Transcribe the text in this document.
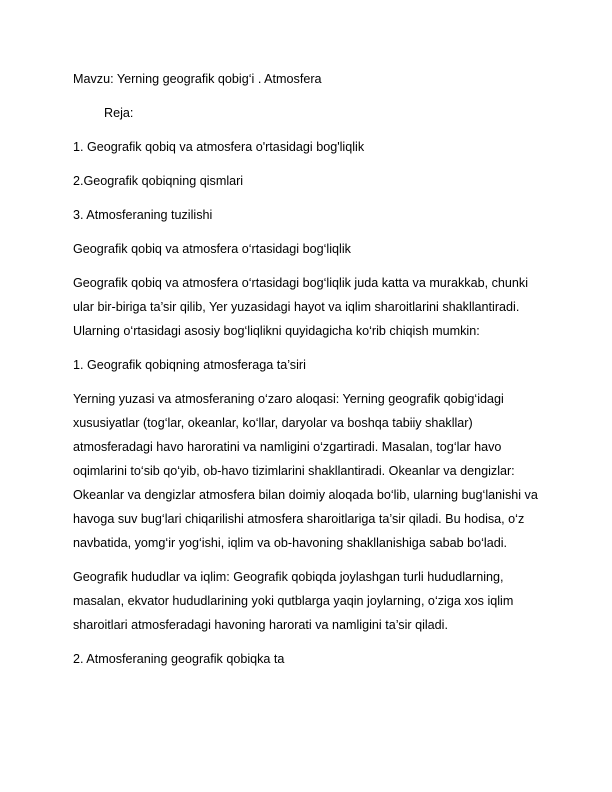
Mavzu: Yerning geografik qobig‘i . Atmosfera

Reja:

1. Geografik qobiq va atmosfera o'rtasidagi bog'liqlik

2.Geografik qobiqning qismlari

3. Atmosferaning tuzilishi

Geografik qobiq va atmosfera o‘rtasidagi bog‘liqlik

Geografik qobiq va atmosfera o‘rtasidagi bog‘liqlik juda katta va murakkab, chunki ular bir-biriga ta’sir qilib, Yer yuzasidagi hayot va iqlim sharoitlarini shakllantiradi. Ularning o‘rtasidagi asosiy bog‘liqlikni quyidagicha ko‘rib chiqish mumkin:

1. Geografik qobiqning atmosferaga ta’siri

Yerning yuzasi va atmosferaning o‘zaro aloqasi: Yerning geografik qobig‘idagi xususiyatlar (tog‘lar, okeanlar, ko‘llar, daryolar va boshqa tabiiy shakllar) atmosferadagi havo haroratini va namligini o‘zgartiradi. Masalan, tog‘lar havo oqimlarini to‘sib qo‘yib, ob-havo tizimlarini shakllantiradi. Okeanlar va dengizlar: Okeanlar va dengizlar atmosfera bilan doimiy aloqada bo‘lib, ularning bug‘lanishi va havoga suv bug‘lari chiqarilishi atmosfera sharoitlariga ta’sir qiladi. Bu hodisa, o‘z navbatida, yomg‘ir yog‘ishi, iqlim va ob-havoning shakllanishiga sabab bo‘ladi.

Geografik hududlar va iqlim: Geografik qobiqda joylashgan turli hududlarning, masalan, ekvator hududlarining yoki qutblarga yaqin joylarning, o‘ziga xos iqlim sharoitlari atmosferadagi havoning harorati va namligini ta’sir qiladi.

2. Atmosferaning geografik qobiqka ta
